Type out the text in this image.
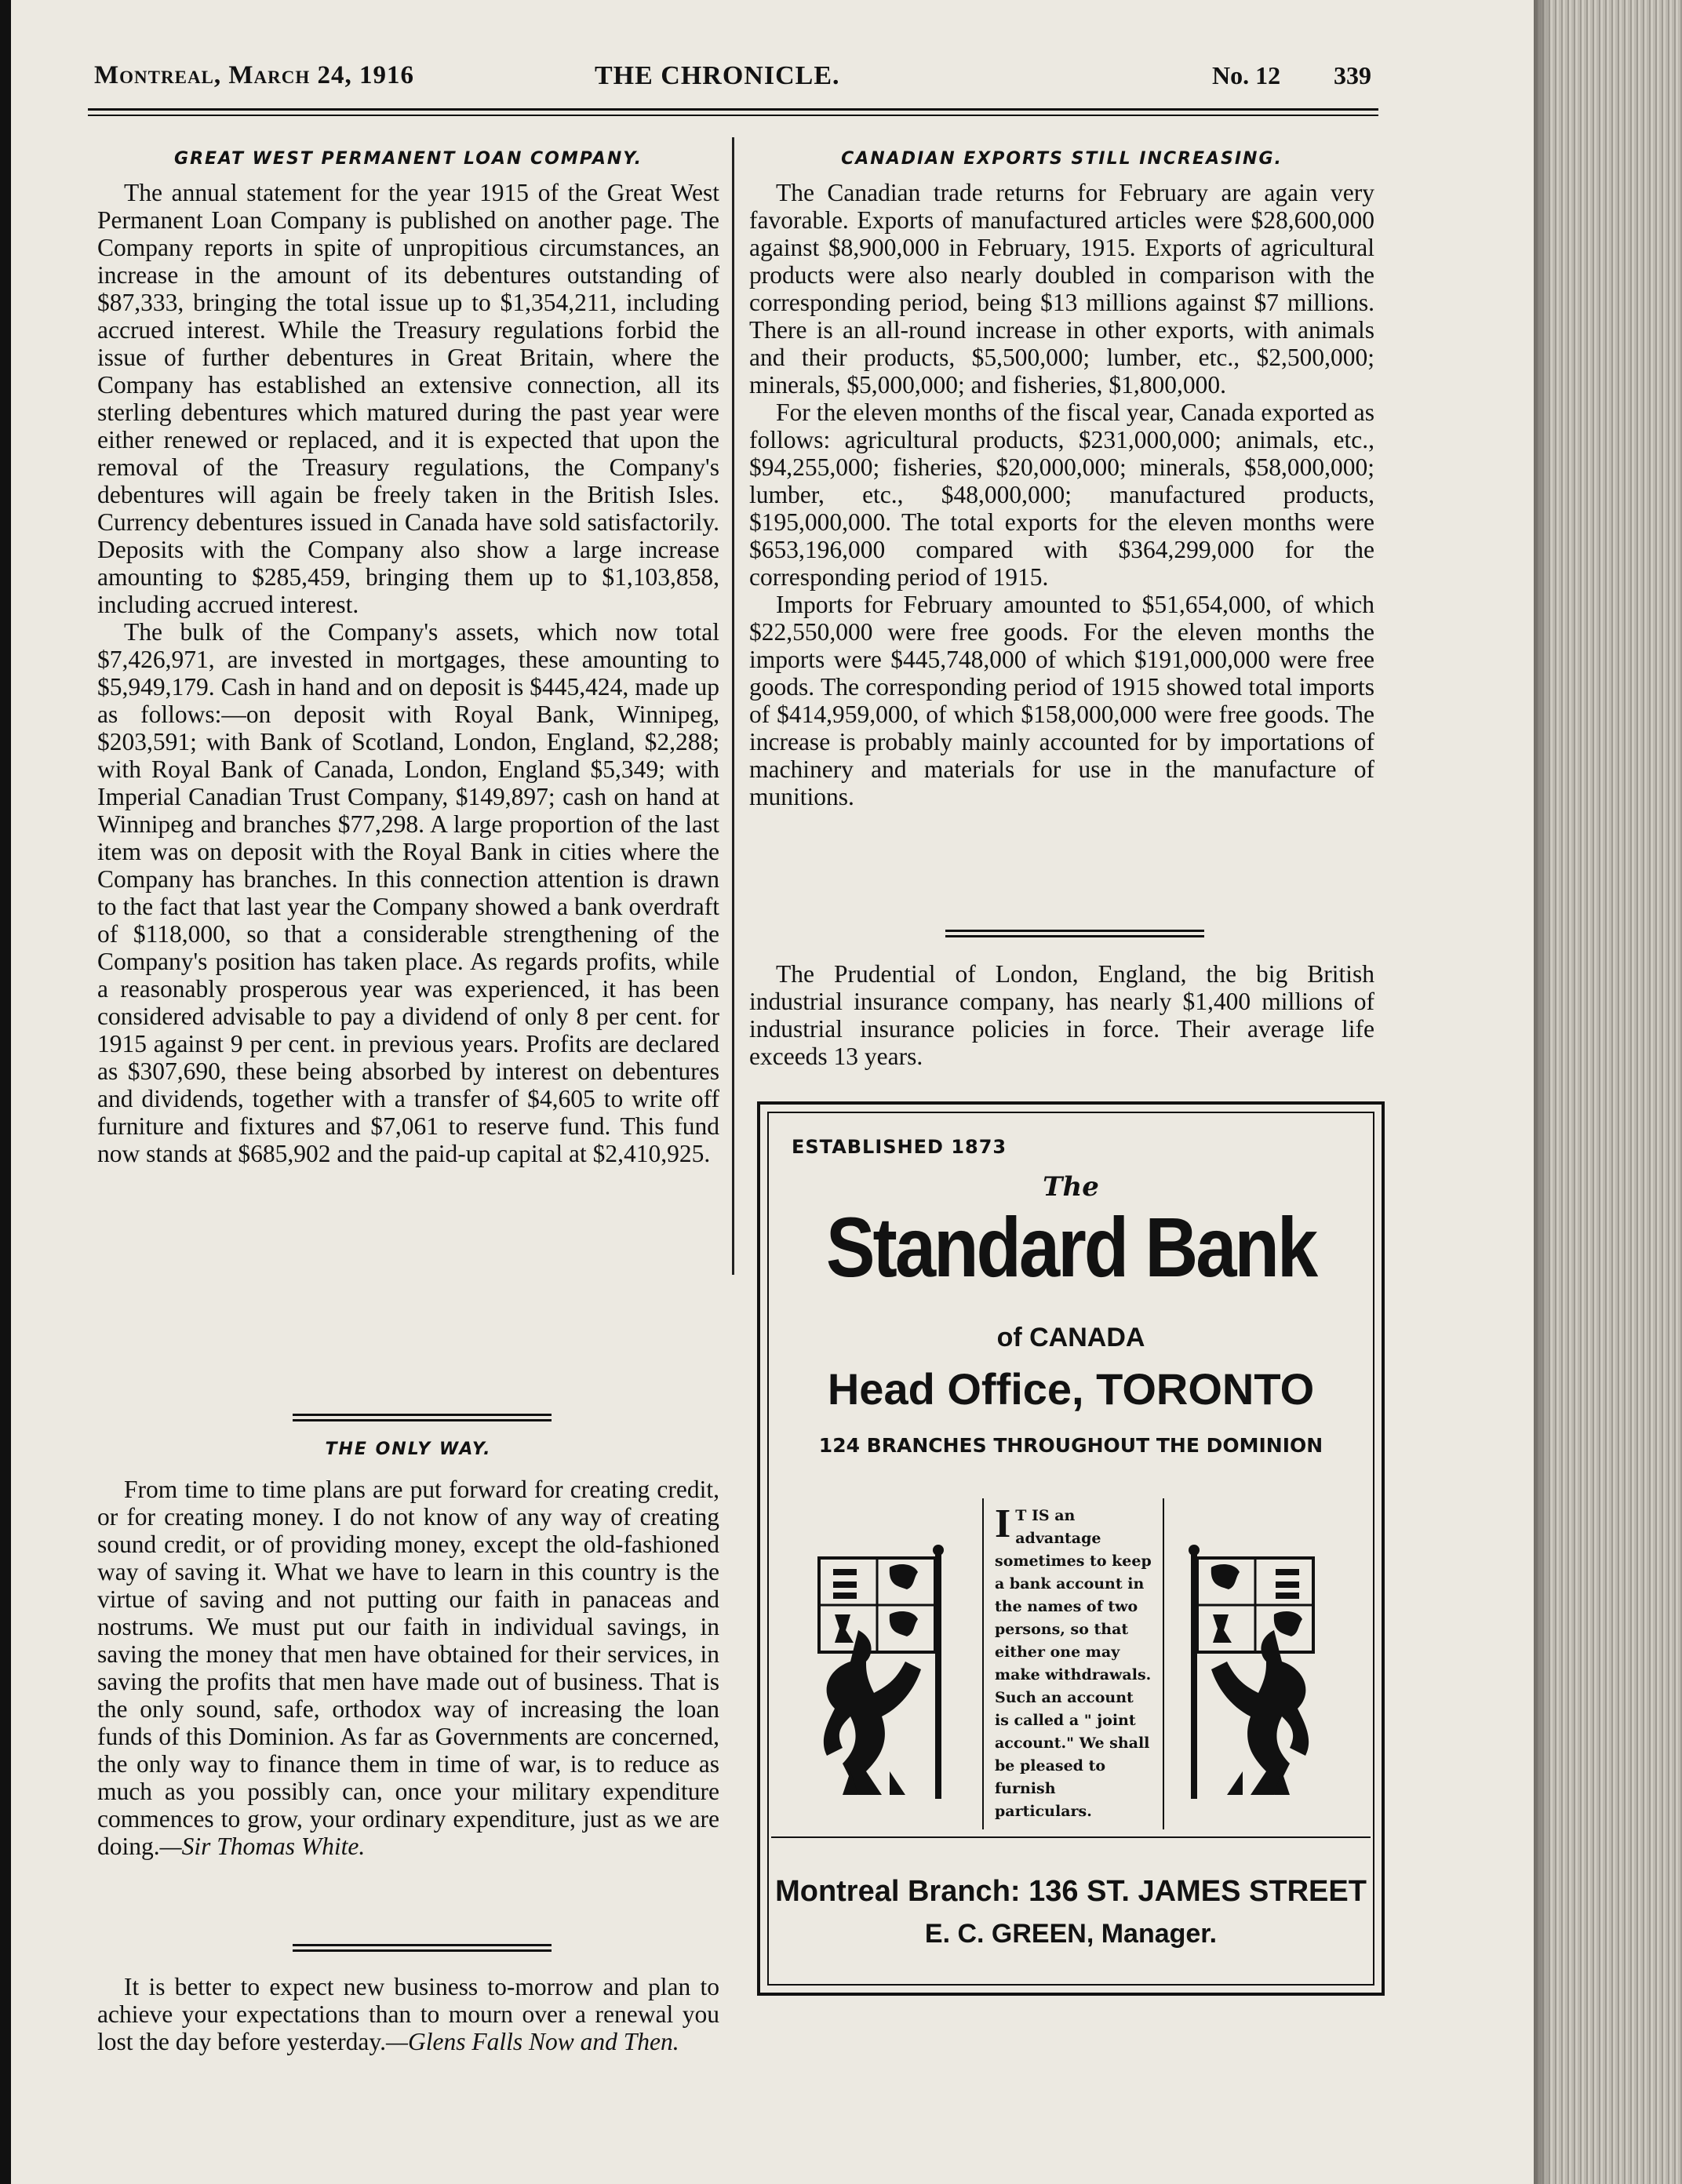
Montreal, March 24, 1916	THE CHRONICLE.	No. 12 339
GREAT WEST PERMANENT LOAN COMPANY.

The annual statement for the year 1915 of the Great West Permanent Loan Company is published on another page. The Company reports in spite of unpropitious circumstances, an increase in the amount of its debentures outstanding of $87,333, bringing the total issue up to $1,354,211, including accrued interest. While the Treasury regulations forbid the issue of further debentures in Great Britain, where the Company has established an extensive connection, all its sterling debentures which matured during the past year were either renewed or replaced, and it is expected that upon the removal of the Treasury regulations, the Company's debentures will again be freely taken in the British Isles. Currency debentures issued in Canada have sold satisfactorily. Deposits with the Company also show a large increase amounting to $285,459, bringing them up to $1,103,858, including accrued interest.

The bulk of the Company's assets, which now total $7,426,971, are invested in mortgages, these amounting to $5,949,179. Cash in hand and on deposit is $445,424, made up as follows:—on deposit with Royal Bank, Winnipeg, $203,591; with Bank of Scotland, London, England, $2,288; with Royal Bank of Canada, London, England $5,349; with Imperial Canadian Trust Company, $149,897; cash on hand at Winnipeg and branches $77,298. A large proportion of the last item was on deposit with the Royal Bank in cities where the Company has branches. In this connection attention is drawn to the fact that last year the Company showed a bank overdraft of $118,000, so that a considerable strengthening of the Company's position has taken place. As regards profits, while a reasonably prosperous year was experienced, it has been considered advisable to pay a dividend of only 8 per cent. for 1915 against 9 per cent. in previous years. Profits are declared as $307,690, these being absorbed by interest on debentures and dividends, together with a transfer of $4,605 to write off furniture and fixtures and $7,061 to reserve fund. This fund now stands at $685,902 and the paid-up capital at $2,410,925.

THE ONLY WAY.

From time to time plans are put forward for creating credit, or for creating money. I do not know of any way of creating sound credit, or of providing money, except the old-fashioned way of saving it. What we have to learn in this country is the virtue of saving and not putting our faith in panaceas and nostrums. We must put our faith in individual savings, in saving the money that men have obtained for their services, in saving the profits that men have made out of business. That is the only sound, safe, orthodox way of increasing the loan funds of this Dominion. As far as Governments are concerned, the only way to finance them in time of war, is to reduce as much as you possibly can, once your military expenditure commences to grow, your ordinary expenditure, just as we are doing.—Sir Thomas White.

It is better to expect new business to-morrow and plan to achieve your expectations than to mourn over a renewal you lost the day before yesterday.—Glens Falls Now and Then.

CANADIAN EXPORTS STILL INCREASING.

The Canadian trade returns for February are again very favorable. Exports of manufactured articles were $28,600,000 against $8,900,000 in February, 1915. Exports of agricultural products were also nearly doubled in comparison with the corresponding period, being $13 millions against $7 millions. There is an all-round increase in other exports, with animals and their products, $5,500,000; lumber, etc., $2,500,000; minerals, $5,000,000; and fisheries, $1,800,000.

For the eleven months of the fiscal year, Canada exported as follows: agricultural products, $231,000,000; animals, etc., $94,255,000; fisheries, $20,000,000; minerals, $58,000,000; lumber, etc., $48,000,000; manufactured products, $195,000,000. The total exports for the eleven months were $653,196,000 compared with $364,299,000 for the corresponding period of 1915.

Imports for February amounted to $51,654,000, of which $22,550,000 were free goods. For the eleven months the imports were $445,748,000 of which $191,000,000 were free goods. The corresponding period of 1915 showed total imports of $414,959,000, of which $158,000,000 were free goods. The increase is probably mainly accounted for by importations of machinery and materials for use in the manufacture of munitions.

The Prudential of London, England, the big British industrial insurance company, has nearly $1,400 millions of industrial insurance policies in force. Their average life exceeds 13 years.

ESTABLISHED 1873
The
Standard Bank
of CANADA
Head Office, TORONTO
124 BRANCHES THROUGHOUT THE DOMINION
I T IS an advantage sometimes to keep a bank account in the names of two persons, so that either one may make withdrawals. Such an account is called a " joint account." We shall be pleased to furnish particulars.
Montreal Branch: 136 ST. JAMES STREET
E. C. GREEN, Manager.
